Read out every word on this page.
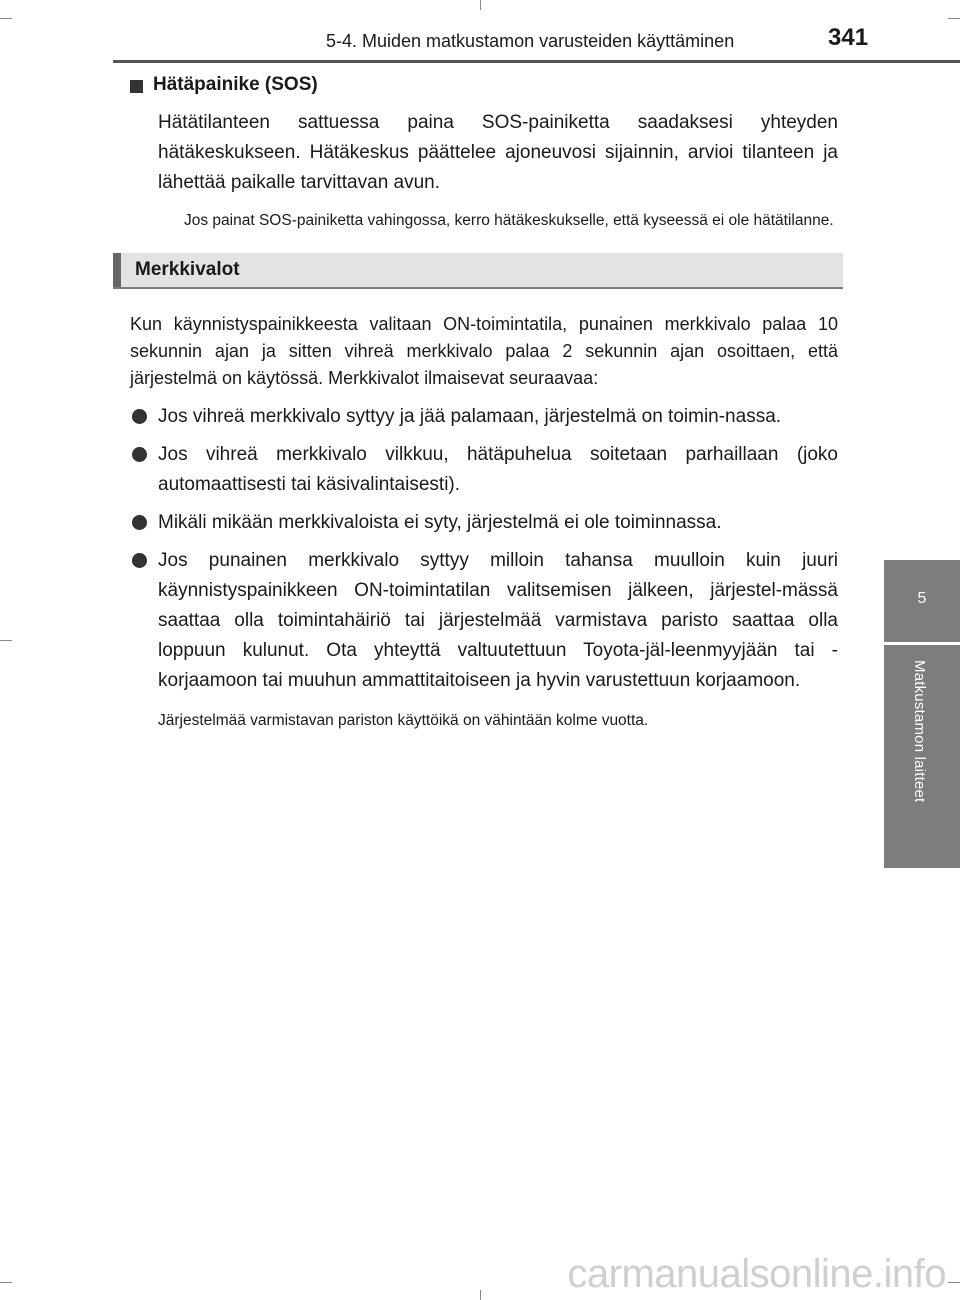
5-4. Muiden matkustamon varusteiden käyttäminen	341
5
Matkustamon laitteet
Hätäpainike (SOS)

Hätätilanteen sattuessa paina SOS-painiketta saadaksesi yhteyden hätäkeskukseen. Hätäkeskus päättelee ajoneuvosi sijainnin, arvioi tilanteen ja lähettää paikalle tarvittavan avun.

Jos painat SOS-painiketta vahingossa, kerro hätäkeskukselle, että kyseessä ei ole hätätilanne.

Merkkivalot

Kun käynnistyspainikkeesta valitaan ON-toimintatila, punainen merkkivalo palaa 10 sekunnin ajan ja sitten vihreä merkkivalo palaa 2 sekunnin ajan osoittaen, että järjestelmä on käytössä. Merkkivalot ilmaisevat seuraavaa:

Jos vihreä merkkivalo syttyy ja jää palamaan, järjestelmä on toimin-nassa.
Jos vihreä merkkivalo vilkkuu, hätäpuhelua soitetaan parhaillaan (joko automaattisesti tai käsivalintaisesti).
Mikäli mikään merkkivaloista ei syty, järjestelmä ei ole toiminnassa.
Jos punainen merkkivalo syttyy milloin tahansa muulloin kuin juuri käynnistyspainikkeen ON-toimintatilan valitsemisen jälkeen, järjestel-mässä saattaa olla toimintahäiriö tai järjestelmää varmistava paristo saattaa olla loppuun kulunut. Ota yhteyttä valtuutettuun Toyota-jäl-leenmyyjään tai -korjaamoon tai muuhun ammattitaitoiseen ja hyvin varustettuun korjaamoon.

Järjestelmää varmistavan pariston käyttöikä on vähintään kolme vuotta.

carmanualsonline.info
